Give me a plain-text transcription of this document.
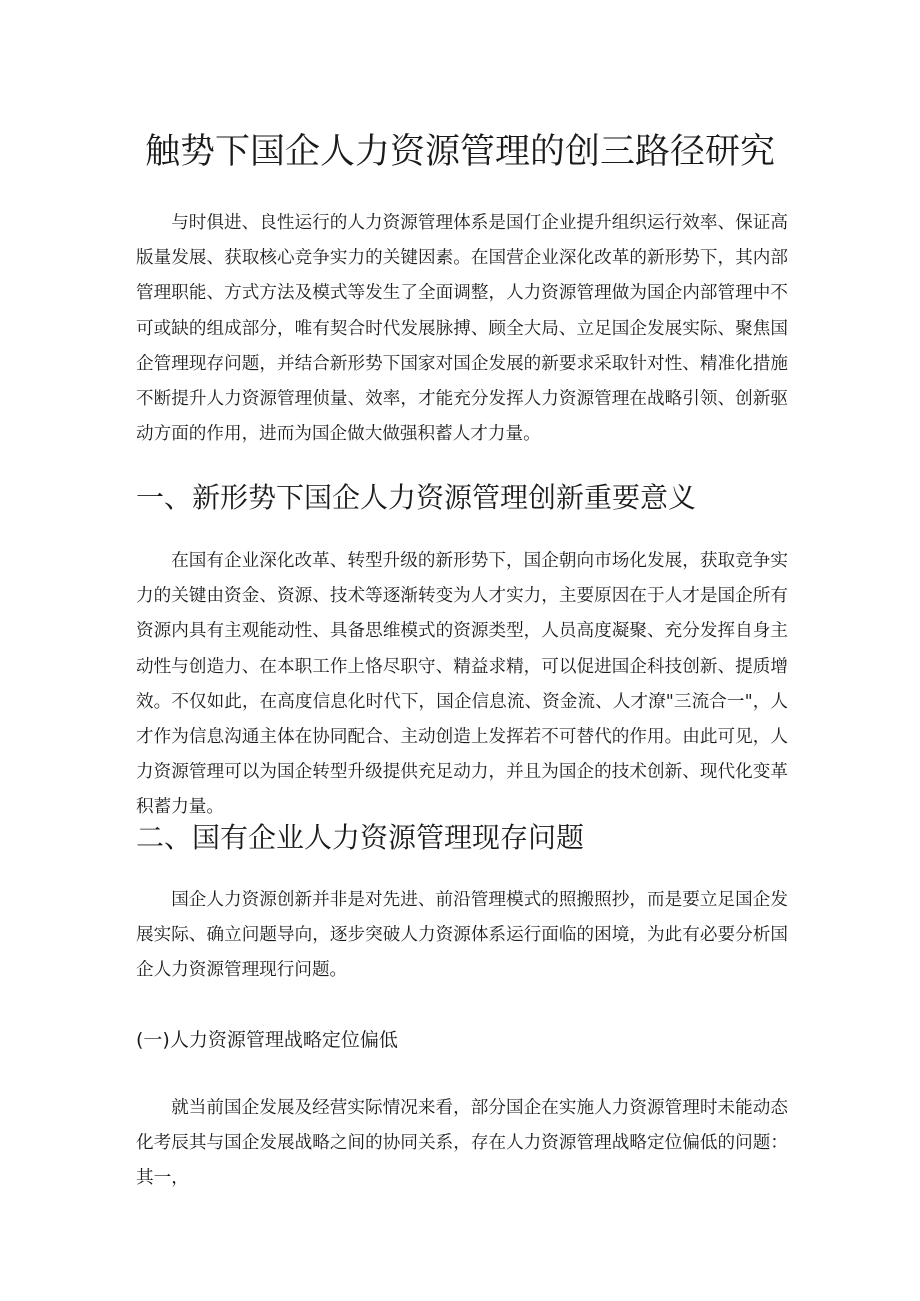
触势下国企人力资源管理的创三路径研究

与时俱进、良性运行的人力资源管理体系是国仃企业提升组织运行效率、保证高版量发展、获取核心竞争实力的关键因素。在国营企业深化改革的新形势下，其内部管理职能、方式方法及模式等发生了全面调整，人力资源管理做为国企内部管理中不可或缺的组成部分，唯有契合时代发展脉搏、顾全大局、立足国企发展实际、聚焦国企管理现存问题，并结合新形势下国家对国企发展的新要求采取针对性、精准化措施不断提升人力资源管理侦量、效率，才能充分发挥人力资源管理在战略引领、创新驱动方面的作用，进而为国企做大做强积蓄人才力量。

一、新形势下国企人力资源管理创新重要意义

在国有企业深化改革、转型升级的新形势下，国企朝向市场化发展，获取竞争实力的关键由资金、资源、技术等逐渐转变为人才实力，主要原因在于人才是国企所有资源内具有主观能动性、具备思维模式的资源类型，人员高度凝聚、充分发挥自身主动性与创造力、在本职工作上恪尽职守、精益求精，可以促进国企科技创新、提质增效。不仅如此，在高度信息化时代下，国企信息流、资金流、人才潦"三流合一"，人才作为信息沟通主体在协同配合、主动创造上发挥若不可替代的作用。由此可见，人力资源管理可以为国企转型升级提供充足动力，并且为国企的技术创新、现代化变革积蓄力量。

二、国有企业人力资源管理现存问题

国企人力资源创新并非是对先进、前沿管理模式的照搬照抄，而是要立足国企发展实际、确立问题导向，逐步突破人力资源体系运行面临的困境，为此有必要分析国企人力资源管理现行问题。

(一)人力资源管理战略定位偏低

就当前国企发展及经营实际情况来看，部分国企在实施人力资源管理时未能动态化考辰其与国企发展战略之间的协同关系，存在人力资源管理战略定位偏低的问题：其一，
